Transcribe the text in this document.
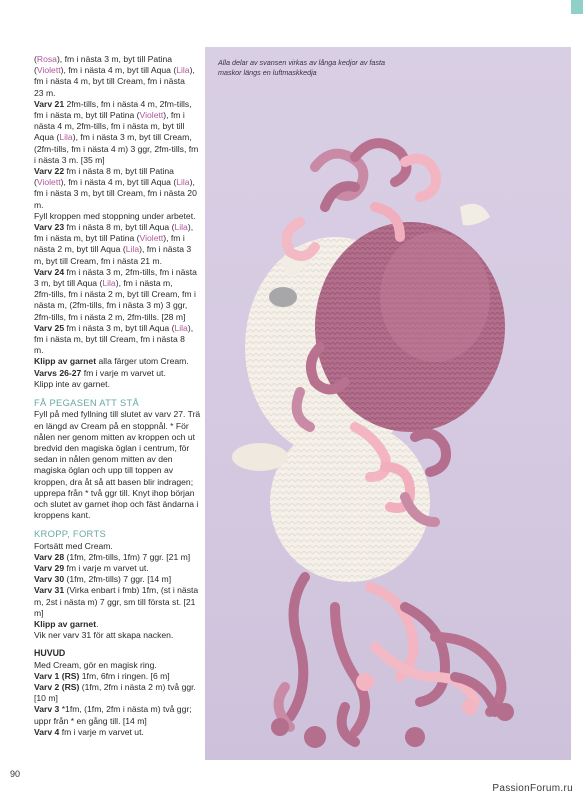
(Rosa), fm i nästa 3 m, byt till Patina

(Violett), fm i nästa 4 m, byt till Aqua (Lila),

fm i nästa 4 m, byt till Cream, fm i nästa

23 m.

Varv 21 2fm-tills, fm i nästa 4 m, 2fm-tills,

fm i nästa m, byt till Patina (Violett), fm i

nästa 4 m, 2fm-tills, fm i nästa m, byt till

Aqua (Lila), fm i nästa 3 m, byt till Cream,

(2fm-tills, fm i nästa 4 m) 3 ggr, 2fm-tills, fm

i nästa 3 m. [35 m]

Varv 22 fm i nästa 8 m, byt till Patina

(Violett), fm i nästa 4 m, byt till Aqua (Lila),

fm i nästa 3 m, byt till Cream, fm i nästa 20

m.

Fyll kroppen med stoppning under arbetet.

Varv 23 fm i nästa 8 m, byt till Aqua (Lila),

fm i nästa m, byt till Patina (Violett), fm i

nästa 2 m, byt till Aqua (Lila), fm i nästa 3

m, byt till Cream, fm i nästa 21 m.

Varv 24 fm i nästa 3 m, 2fm-tills, fm i nästa

3 m, byt till Aqua (Lila), fm i nästa m,

2fm-tills, fm i nästa 2 m, byt till Cream, fm i

nästa m, (2fm-tills, fm i nästa 3 m) 3 ggr,

2fm-tills, fm i nästa 2 m, 2fm-tills. [28 m]

Varv 25 fm i nästa 3 m, byt till Aqua (Lila),

fm i nästa m, byt till Cream, fm i nästa 8

m.

Klipp av garnet alla färger utom Cream.

Varvs 26-27 fm i varje m varvet ut.

Klipp inte av garnet.

FÅ PEGASEN ATT STÅ

Fyll på med fyllning till slutet av varv 27. Trä

en längd av Cream på en stoppnål. * För

nålen ner genom mitten av kroppen och ut

bredvid den magiska öglan i centrum, för

sedan in nålen genom mitten av den

magiska öglan och upp till toppen av

kroppen, dra åt så att basen blir indragen;

upprepa från * två ggr till. Knyt ihop början

och slutet av garnet ihop och fäst ändarna i

kroppens kant.

KROPP, FORTS

Fortsätt med Cream.

Varv 28 (1fm, 2fm-tills, 1fm) 7 ggr. [21 m]

Varv 29 fm i varje m varvet ut.

Varv 30 (1fm, 2fm-tills) 7 ggr. [14 m]

Varv 31 (Virka enbart i fmb) 1fm, (st i nästa

m, 2st i nästa m) 7 ggr, sm till första st. [21

m]

Klipp av garnet.

Vik ner varv 31 för att skapa nacken.

HUVUD

Med Cream, gör en magisk ring.

Varv 1 (RS) 1fm, 6fm i ringen. [6 m]

Varv 2 (RS) (1fm, 2fm i nästa 2 m) två ggr.

[10 m]

Varv 3 *1fm, (1fm, 2fm i nästa m) två ggr;

uppr från * en gång till. [14 m]

Varv 4 fm i varje m varvet ut.

Alla delar av svansen virkas av långa kedjor av fasta maskor längs en luftmaskkedja
90
PassionForum.ru
